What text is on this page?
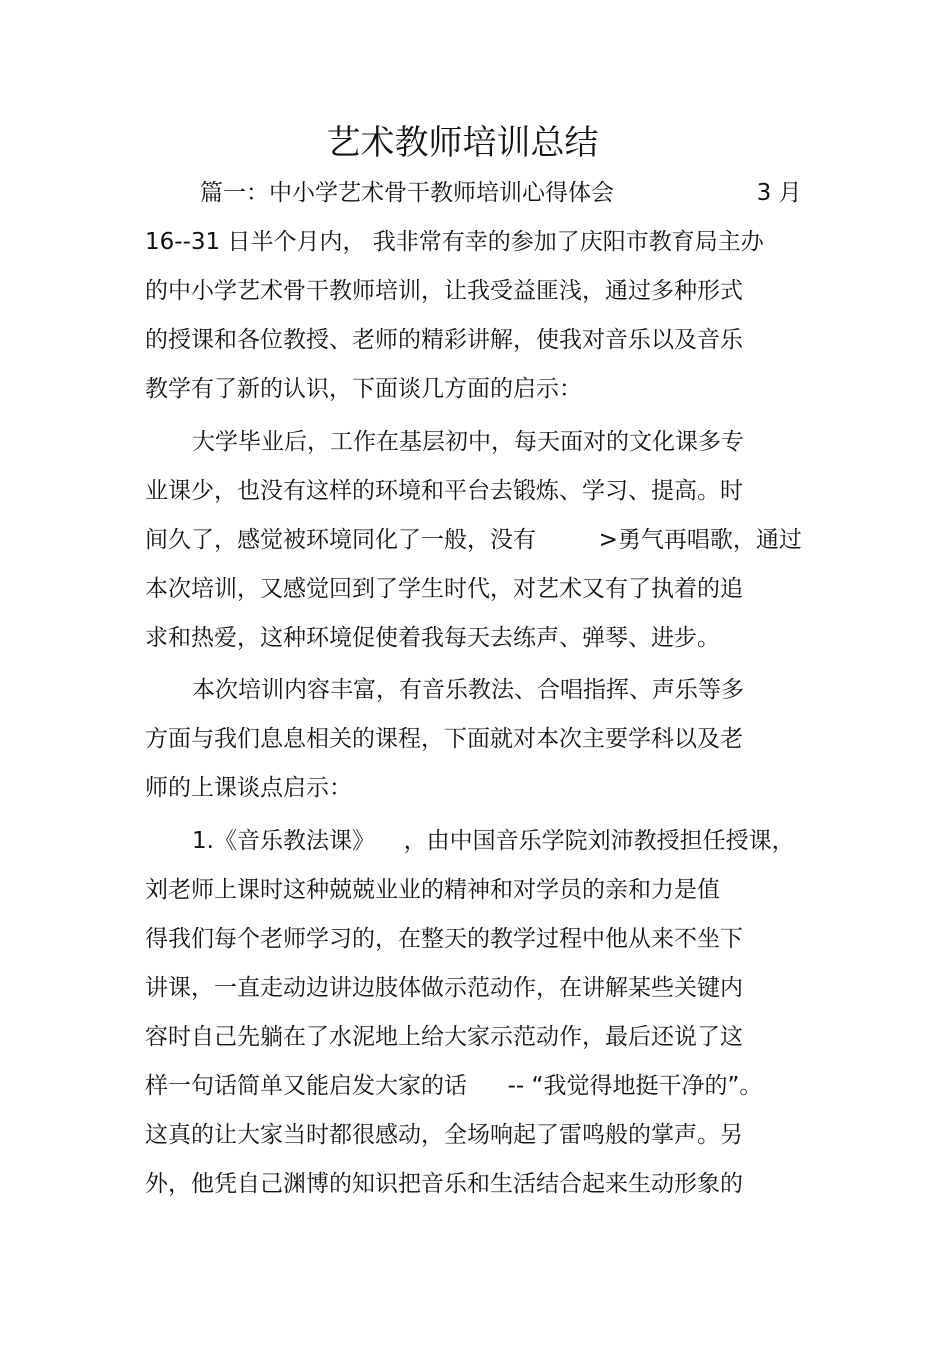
艺术教师培训总结
篇一：中小学艺术骨干教师培训心得体会	3 月
16--31 日半个月内， 我非常有幸的参加了庆阳市教育局主办
的中小学艺术骨干教师培训，让我受益匪浅，通过多种形式
的授课和各位教授、老师的精彩讲解，使我对音乐以及音乐
教学有了新的认识，下面谈几方面的启示：
大学毕业后，工作在基层初中，每天面对的文化课多专
业课少，也没有这样的环境和平台去锻炼、学习、提高。时
间久了，感觉被环境同化了一般，没有	>勇气再唱歌，通过
本次培训，又感觉回到了学生时代，对艺术又有了执着的追
求和热爱，这种环境促使着我每天去练声、弹琴、进步。
本次培训内容丰富，有音乐教法、合唱指挥、声乐等多
方面与我们息息相关的课程，下面就对本次主要学科以及老
师的上课谈点启示：
1.《音乐教法课》 ，由中国音乐学院刘沛教授担任授课，
刘老师上课时这种兢兢业业的精神和对学员的亲和力是值
得我们每个老师学习的，在整天的教学过程中他从来不坐下
讲课，一直走动边讲边肢体做示范动作，在讲解某些关键内
容时自己先躺在了水泥地上给大家示范动作，最后还说了这
样一句话简单又能启发大家的话 -- “我觉得地挺干净的”。
这真的让大家当时都很感动，全场响起了雷鸣般的掌声。另
外，他凭自己渊博的知识把音乐和生活结合起来生动形象的
